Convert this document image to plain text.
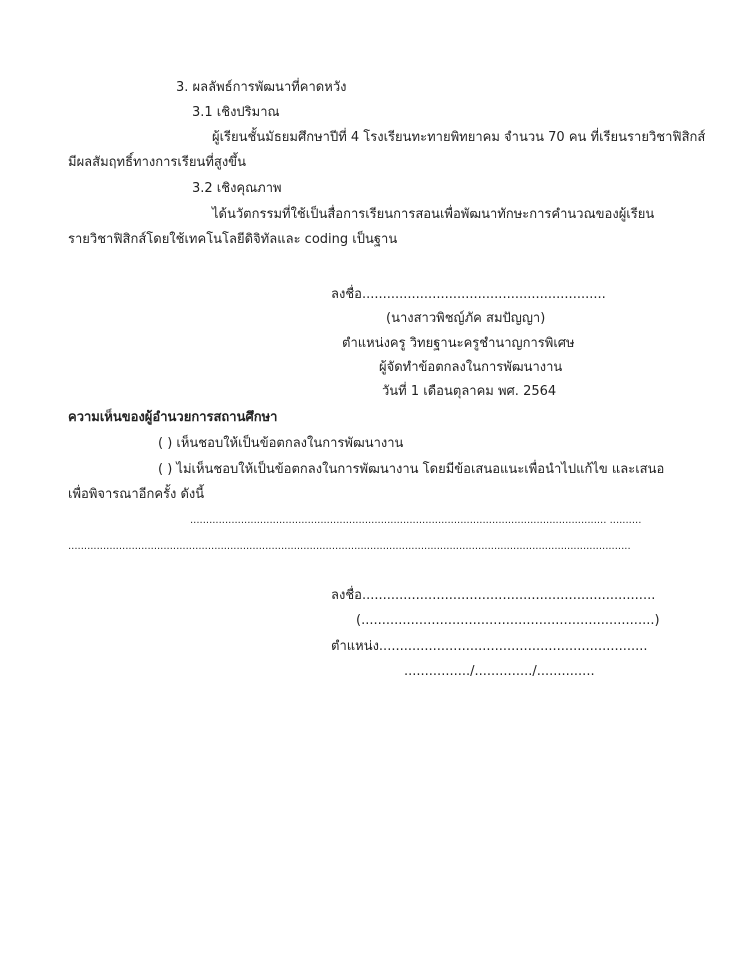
3. ผลลัพธ์การพัฒนาที่คาดหวัง
3.1 เชิงปริมาณ
ผู้เรียนชั้นมัธยมศึกษาปีที่ 4 โรงเรียนทะทายพิทยาคม จำนวน 70 คน ที่เรียนรายวิชาฟิสิกส์
มีผลสัมฤทธิ์ทางการเรียนที่สูงขึ้น
3.2 เชิงคุณภาพ
ได้นวัตกรรมที่ใช้เป็นสื่อการเรียนการสอนเพื่อพัฒนาทักษะการคำนวณของผู้เรียน
รายวิชาฟิสิกส์โดยใช้เทคโนโลยีดิจิทัลและ coding เป็นฐาน
ลงชื่อ...........................................................
(นางสาวพิชญ์ภัค สมปัญญา)
ตำแหน่งครู วิทยฐานะครูชำนาญการพิเศษ
ผู้จัดทำข้อตกลงในการพัฒนางาน
วันที่ 1 เดือนตุลาคม พศ. 2564
ความเห็นของผู้อำนวยการสถานศึกษา
( ) เห็นชอบให้เป็นข้อตกลงในการพัฒนางาน
( ) ไม่เห็นชอบให้เป็นข้อตกลงในการพัฒนางาน โดยมีข้อเสนอแนะเพื่อนำไปแก้ไข และเสนอ
เพื่อพิจารณาอีกครั้ง ดังนี้
................................................................................................................................... ..........
.................................................................................................................................................................................
ลงชื่อ.......................................................................
(.......................................................................)
ตำแหน่ง.................................................................
................/............../..............
